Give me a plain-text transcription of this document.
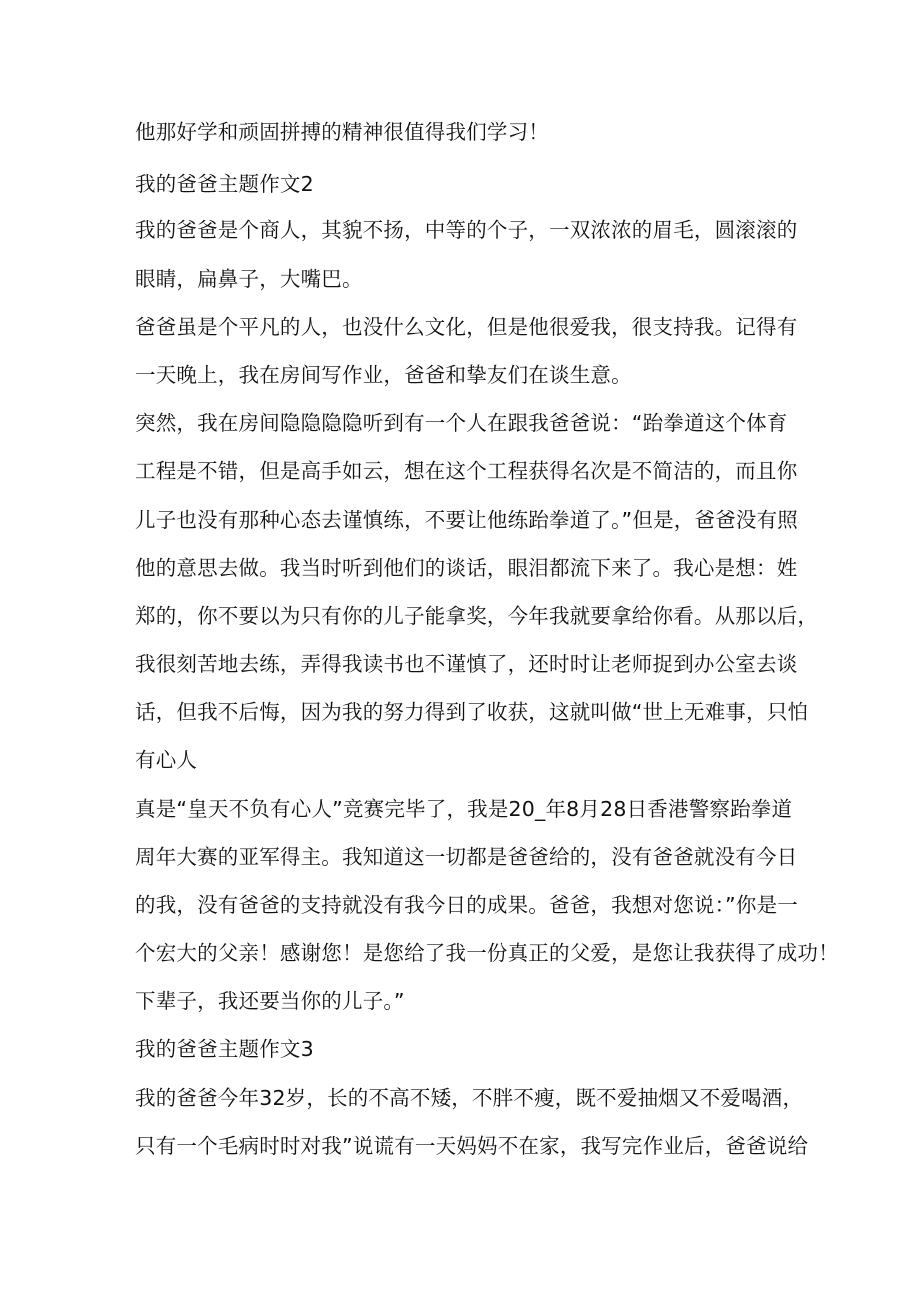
他那好学和顽固拼搏的精神很值得我们学习！
我的爸爸主题作文2
我的爸爸是个商人，其貌不扬，中等的个子，一双浓浓的眉毛，圆滚滚的
眼睛，扁鼻子，大嘴巴。
爸爸虽是个平凡的人，也没什么文化，但是他很爱我，很支持我。记得有
一天晚上，我在房间写作业，爸爸和挚友们在谈生意。
突然，我在房间隐隐隐隐听到有一个人在跟我爸爸说：“跆拳道这个体育
工程是不错，但是高手如云，想在这个工程获得名次是不简洁的，而且你
儿子也没有那种心态去谨慎练，不要让他练跆拳道了。”但是，爸爸没有照
他的意思去做。我当时听到他们的谈话，眼泪都流下来了。我心是想：姓
郑的，你不要以为只有你的儿子能拿奖，今年我就要拿给你看。从那以后，
我很刻苦地去练，弄得我读书也不谨慎了，还时时让老师捉到办公室去谈
话，但我不后悔，因为我的努力得到了收获，这就叫做“世上无难事，只怕
有心人
真是“皇天不负有心人”竞赛完毕了，我是20_年8月28日香港警察跆拳道
周年大赛的亚军得主。我知道这一切都是爸爸给的，没有爸爸就没有今日
的我，没有爸爸的支持就没有我今日的成果。爸爸，我想对您说：”你是一
个宏大的父亲！感谢您！是您给了我一份真正的父爱，是您让我获得了成功！
下辈子，我还要当你的儿子。”
我的爸爸主题作文3
我的爸爸今年32岁，长的不高不矮，不胖不瘦，既不爱抽烟又不爱喝酒，
只有一个毛病时时对我”说谎有一天妈妈不在家，我写完作业后，爸爸说给
